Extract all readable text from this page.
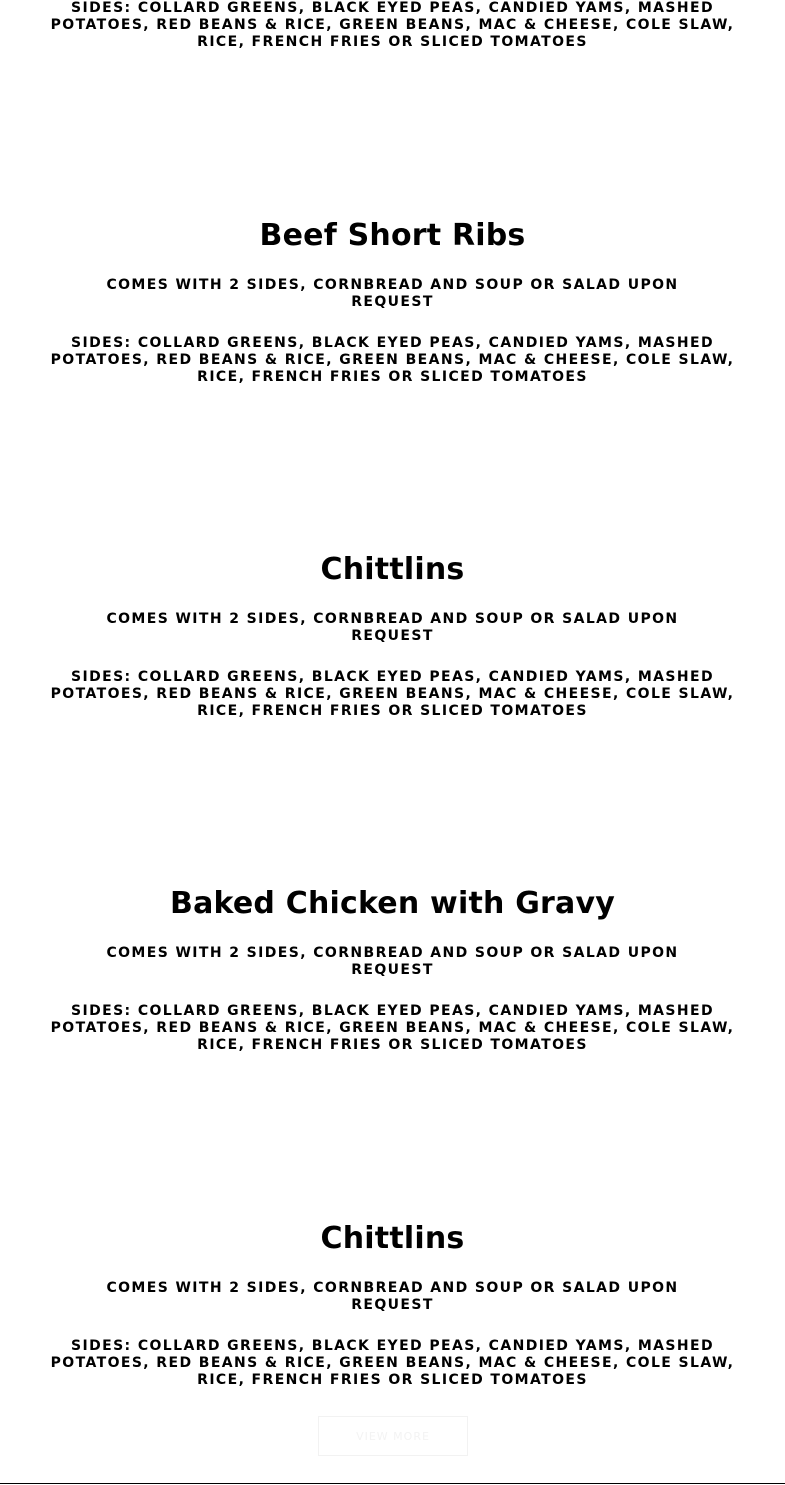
SIDES: COLLARD GREENS, BLACK EYED PEAS, CANDIED YAMS, MASHED POTATOES, RED BEANS & RICE, GREEN BEANS, MAC & CHEESE, COLE SLAW, RICE, FRENCH FRIES OR SLICED TOMATOES

Beef Short Ribs

COMES WITH 2 SIDES, CORNBREAD AND SOUP OR SALAD UPON REQUEST

SIDES: COLLARD GREENS, BLACK EYED PEAS, CANDIED YAMS, MASHED POTATOES, RED BEANS & RICE, GREEN BEANS, MAC & CHEESE, COLE SLAW, RICE, FRENCH FRIES OR SLICED TOMATOES

Chittlins

COMES WITH 2 SIDES, CORNBREAD AND SOUP OR SALAD UPON REQUEST

SIDES: COLLARD GREENS, BLACK EYED PEAS, CANDIED YAMS, MASHED POTATOES, RED BEANS & RICE, GREEN BEANS, MAC & CHEESE, COLE SLAW, RICE, FRENCH FRIES OR SLICED TOMATOES

Baked Chicken with Gravy

COMES WITH 2 SIDES, CORNBREAD AND SOUP OR SALAD UPON REQUEST

SIDES: COLLARD GREENS, BLACK EYED PEAS, CANDIED YAMS, MASHED POTATOES, RED BEANS & RICE, GREEN BEANS, MAC & CHEESE, COLE SLAW, RICE, FRENCH FRIES OR SLICED TOMATOES

Chittlins

COMES WITH 2 SIDES, CORNBREAD AND SOUP OR SALAD UPON REQUEST

SIDES: COLLARD GREENS, BLACK EYED PEAS, CANDIED YAMS, MASHED POTATOES, RED BEANS & RICE, GREEN BEANS, MAC & CHEESE, COLE SLAW, RICE, FRENCH FRIES OR SLICED TOMATOES

VIEW MORE
